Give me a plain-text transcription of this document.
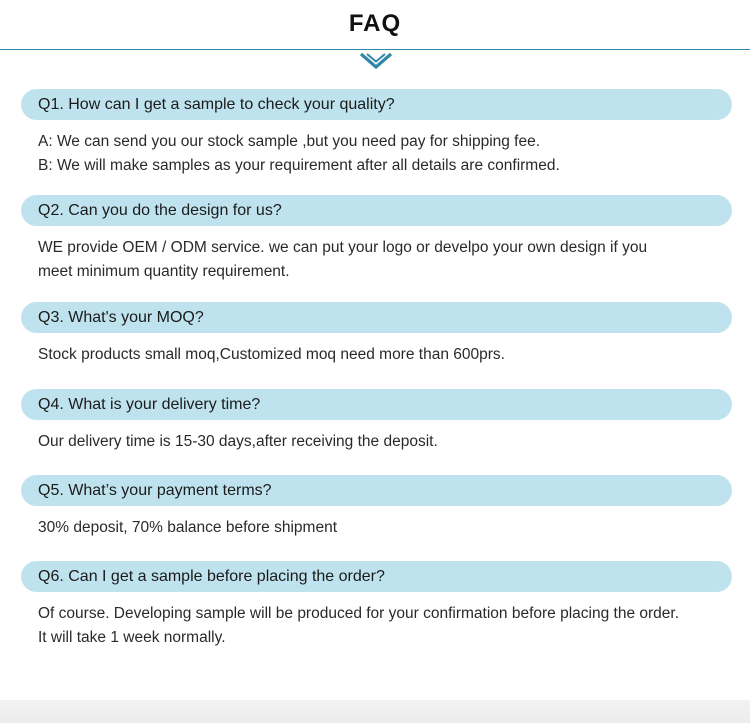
FAQ
Q1. How can I get a sample to check your quality?
A: We can send you our stock sample ,but you need pay for shipping fee.
B: We will make samples as your requirement after all details are confirmed.
Q2. Can you do the design for us?
WE provide OEM / ODM service. we can put your logo or develpo your own design if you
meet minimum quantity requirement.
Q3. What's your MOQ?
Stock products small moq,Customized moq need more than 600prs.
Q4. What is your delivery time?
Our delivery time is 15-30 days,after receiving the deposit.
Q5. What’s your payment terms?
30% deposit, 70% balance before shipment
Q6. Can I get a sample before placing the order?
Of course. Developing sample will be produced for your confirmation before placing the order.
It will take 1 week normally.
